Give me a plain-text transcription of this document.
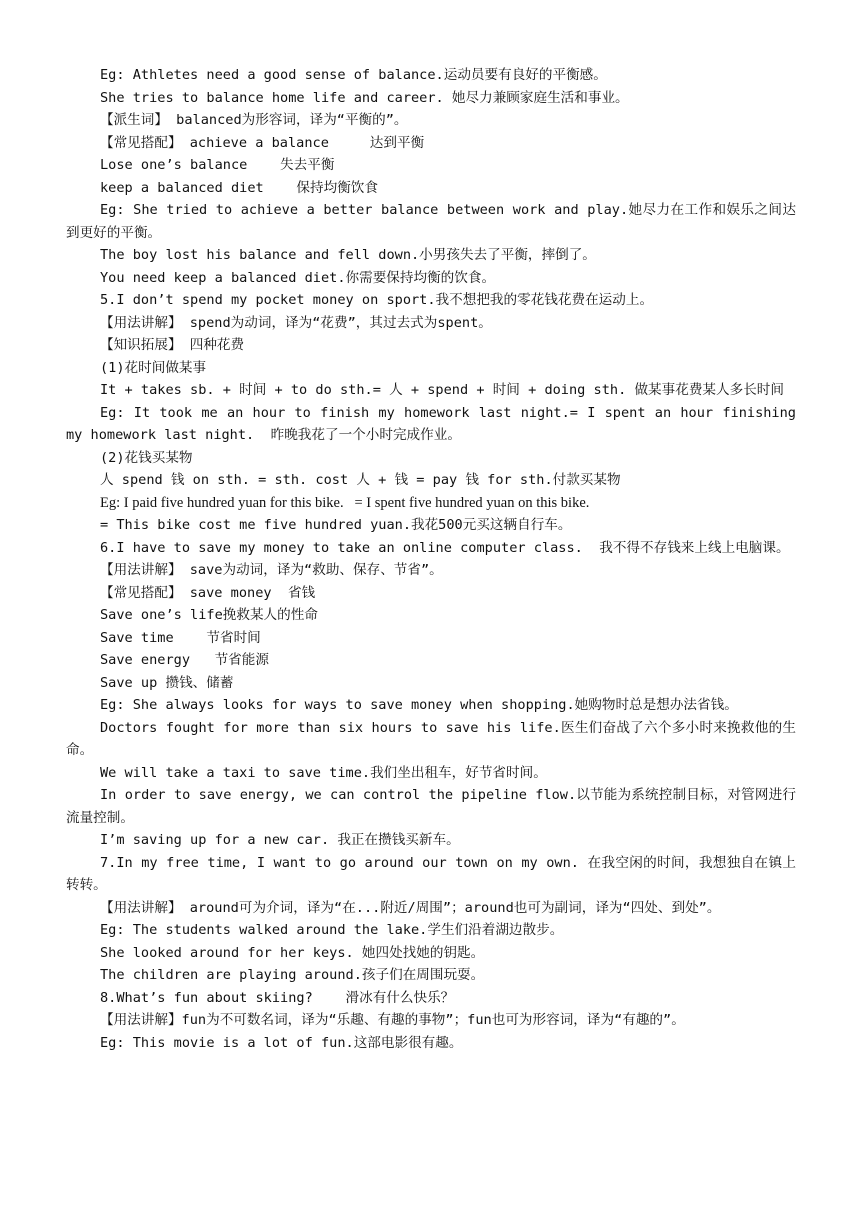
Eg: Athletes need a good sense of balance.运动员要有良好的平衡感。

She tries to balance home life and career. 她尽力兼顾家庭生活和事业。

【派生词】 balanced为形容词，译为“平衡的”。

【常见搭配】 achieve a balance     达到平衡

Lose one’s balance    失去平衡

keep a balanced diet    保持均衡饮食

Eg: She tried to achieve a better balance between work and play.她尽力在工作和娱乐之间达到更好的平衡。

The boy lost his balance and fell down.小男孩失去了平衡，摔倒了。

You need keep a balanced diet.你需要保持均衡的饮食。

5.I don’t spend my pocket money on sport.我不想把我的零花钱花费在运动上。

【用法讲解】 spend为动词，译为“花费”，其过去式为spent。

【知识拓展】 四种花费

(1)花时间做某事

It + takes sb. + 时间 + to do sth.= 人 + spend + 时间 + doing sth. 做某事花费某人多长时间

Eg: It took me an hour to finish my homework last night.= I spent an hour finishing my homework last night.  昨晚我花了一个小时完成作业。

(2)花钱买某物

人 spend 钱 on sth. = sth. cost 人 + 钱 = pay 钱 for sth.付款买某物

Eg: I paid five hundred yuan for this bike.   = I spent five hundred yuan on this bike.

= This bike cost me five hundred yuan.我花500元买这辆自行车。

6.I have to save my money to take an online computer class.  我不得不存钱来上线上电脑课。

【用法讲解】 save为动词，译为“救助、保存、节省”。

【常见搭配】 save money  省钱

Save one’s life挽救某人的性命

Save time    节省时间

Save energy   节省能源

Save up 攒钱、储蓄

Eg: She always looks for ways to save money when shopping.她购物时总是想办法省钱。

Doctors fought for more than six hours to save his life.医生们奋战了六个多小时来挽救他的生命。

We will take a taxi to save time.我们坐出租车，好节省时间。

In order to save energy, we can control the pipeline flow.以节能为系统控制目标，对管网进行流量控制。

I’m saving up for a new car. 我正在攒钱买新车。

7.In my free time, I want to go around our town on my own. 在我空闲的时间，我想独自在镇上转转。

【用法讲解】 around可为介词，译为“在...附近/周围”；around也可为副词，译为“四处、到处”。

Eg: The students walked around the lake.学生们沿着湖边散步。

She looked around for her keys. 她四处找她的钥匙。

The children are playing around.孩子们在周围玩耍。

8.What’s fun about skiing?    滑冰有什么快乐？

【用法讲解】fun为不可数名词，译为“乐趣、有趣的事物”；fun也可为形容词，译为“有趣的”。

Eg: This movie is a lot of fun.这部电影很有趣。
